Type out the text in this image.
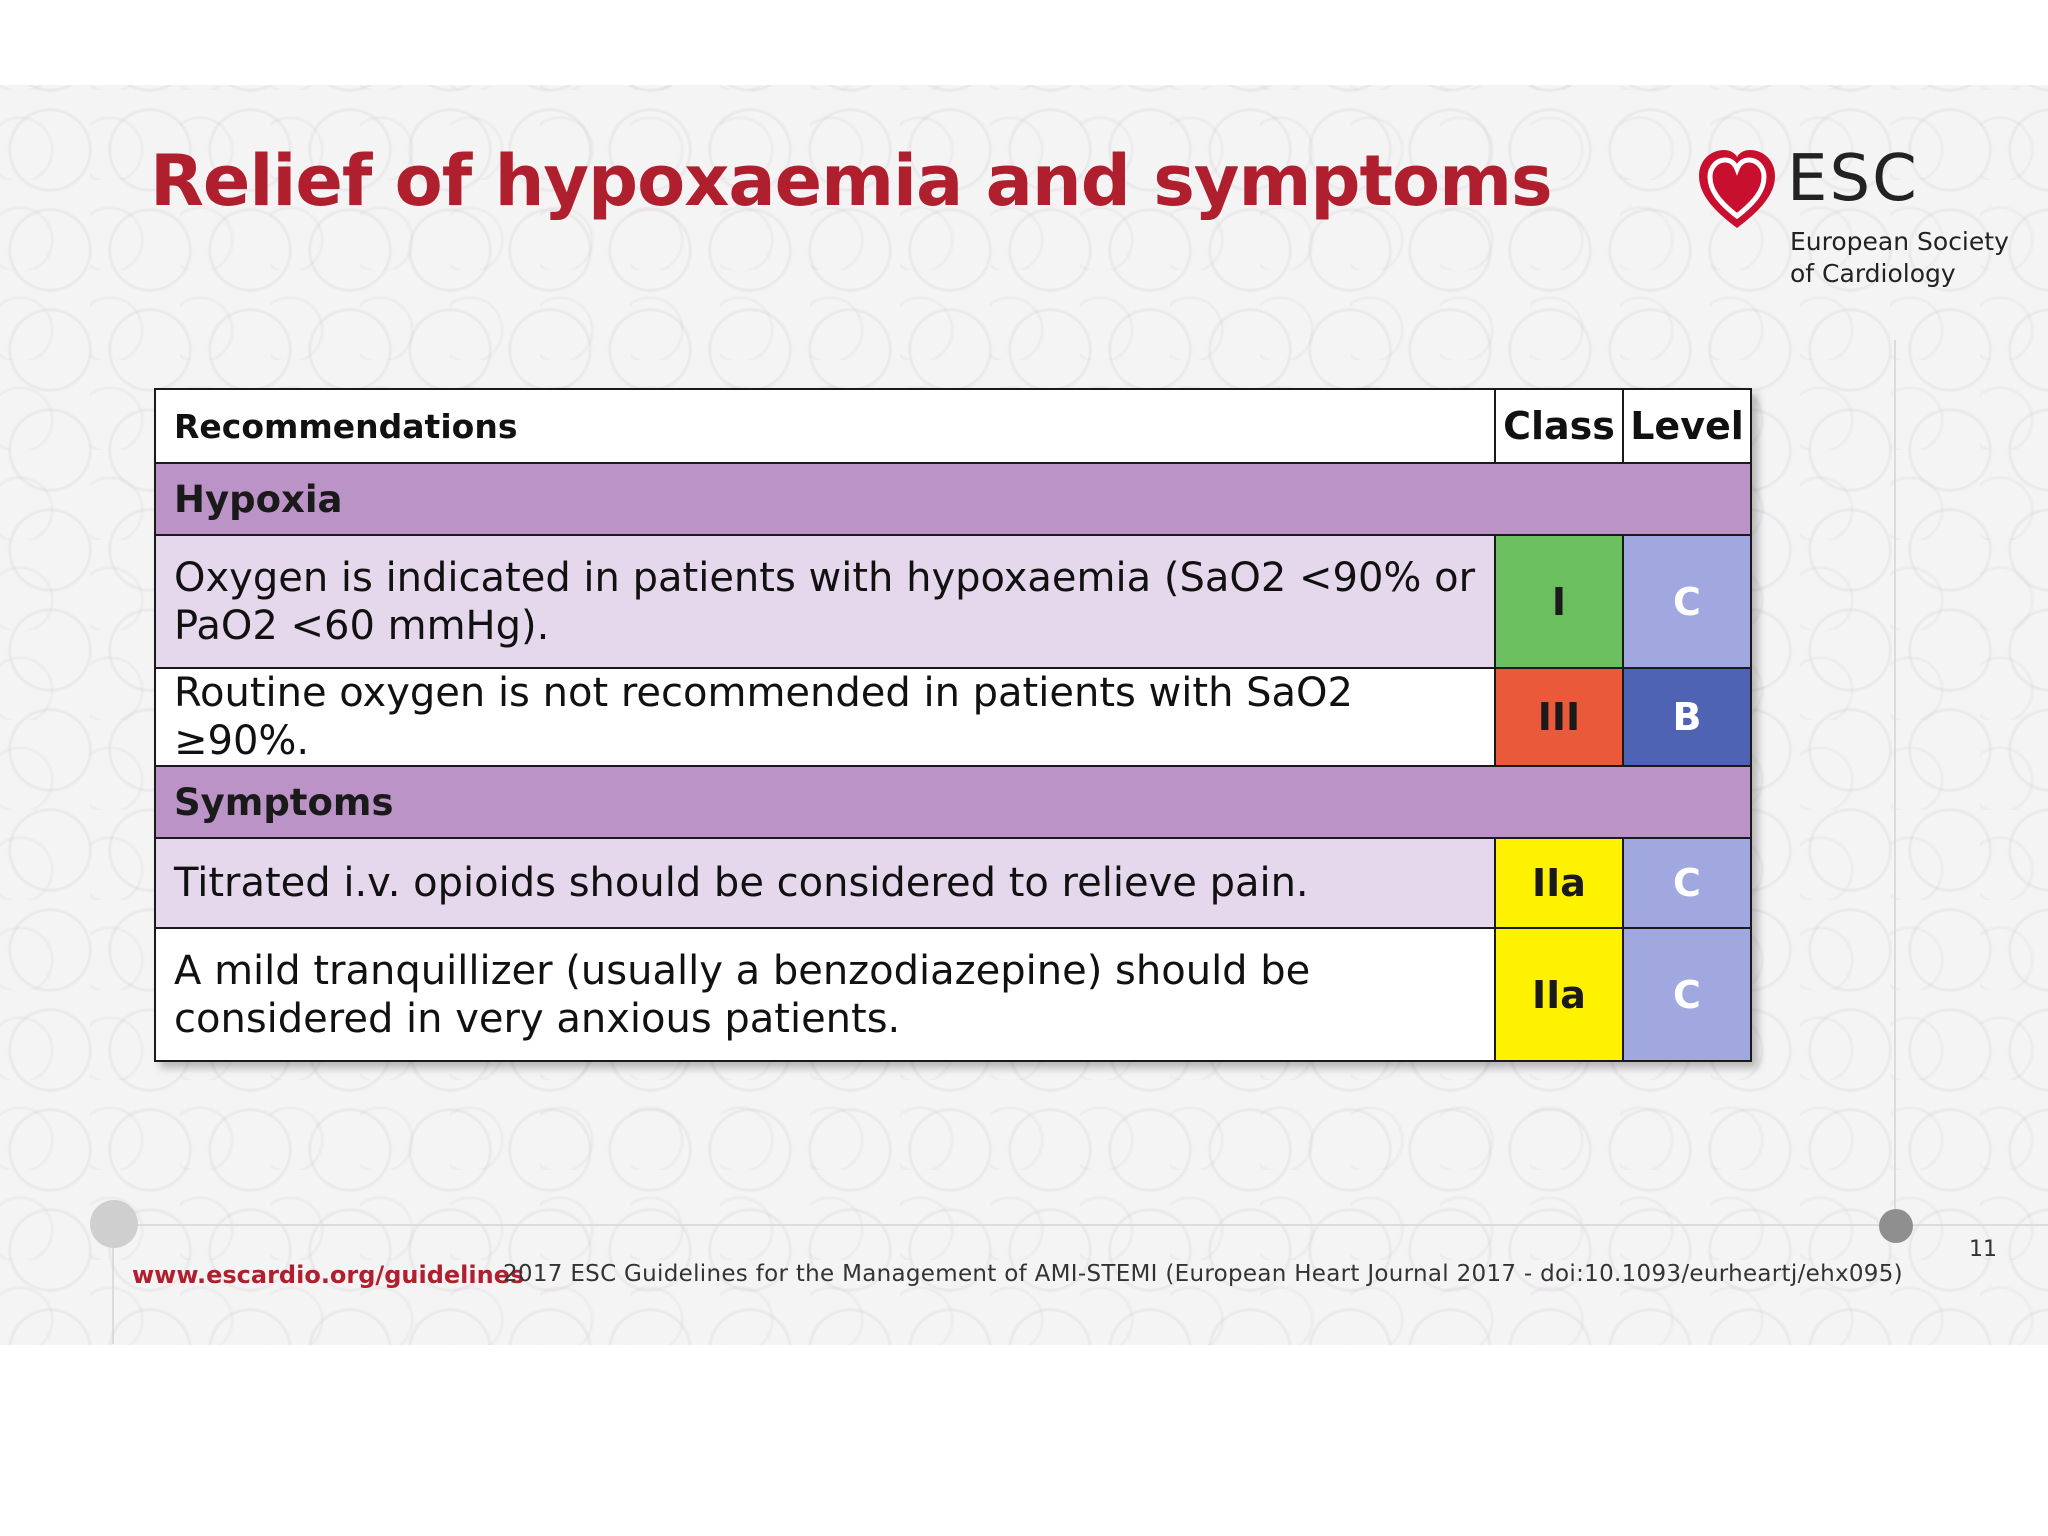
Relief of hypoxaemia and symptoms	ESC
European Society
of Cardiology
Recommendations	Class	Level
Hypoxia		
Oxygen is indicated in patients with hypoxaemia (SaO2 <90% or PaO2 <60 mmHg).	I	C
Routine oxygen is not recommended in patients with SaO2 ≥90%.	III	B
Symptoms		
Titrated i.v. opioids should be considered to relieve pain.	IIa	C
A mild tranquillizer (usually a benzodiazepine) should be considered in very anxious patients.	IIa	C
www.escardio.org/guidelines
2017 ESC Guidelines for the Management of AMI-STEMI (European Heart Journal 2017 - doi:10.1093/eurheartj/ehx095)
11
